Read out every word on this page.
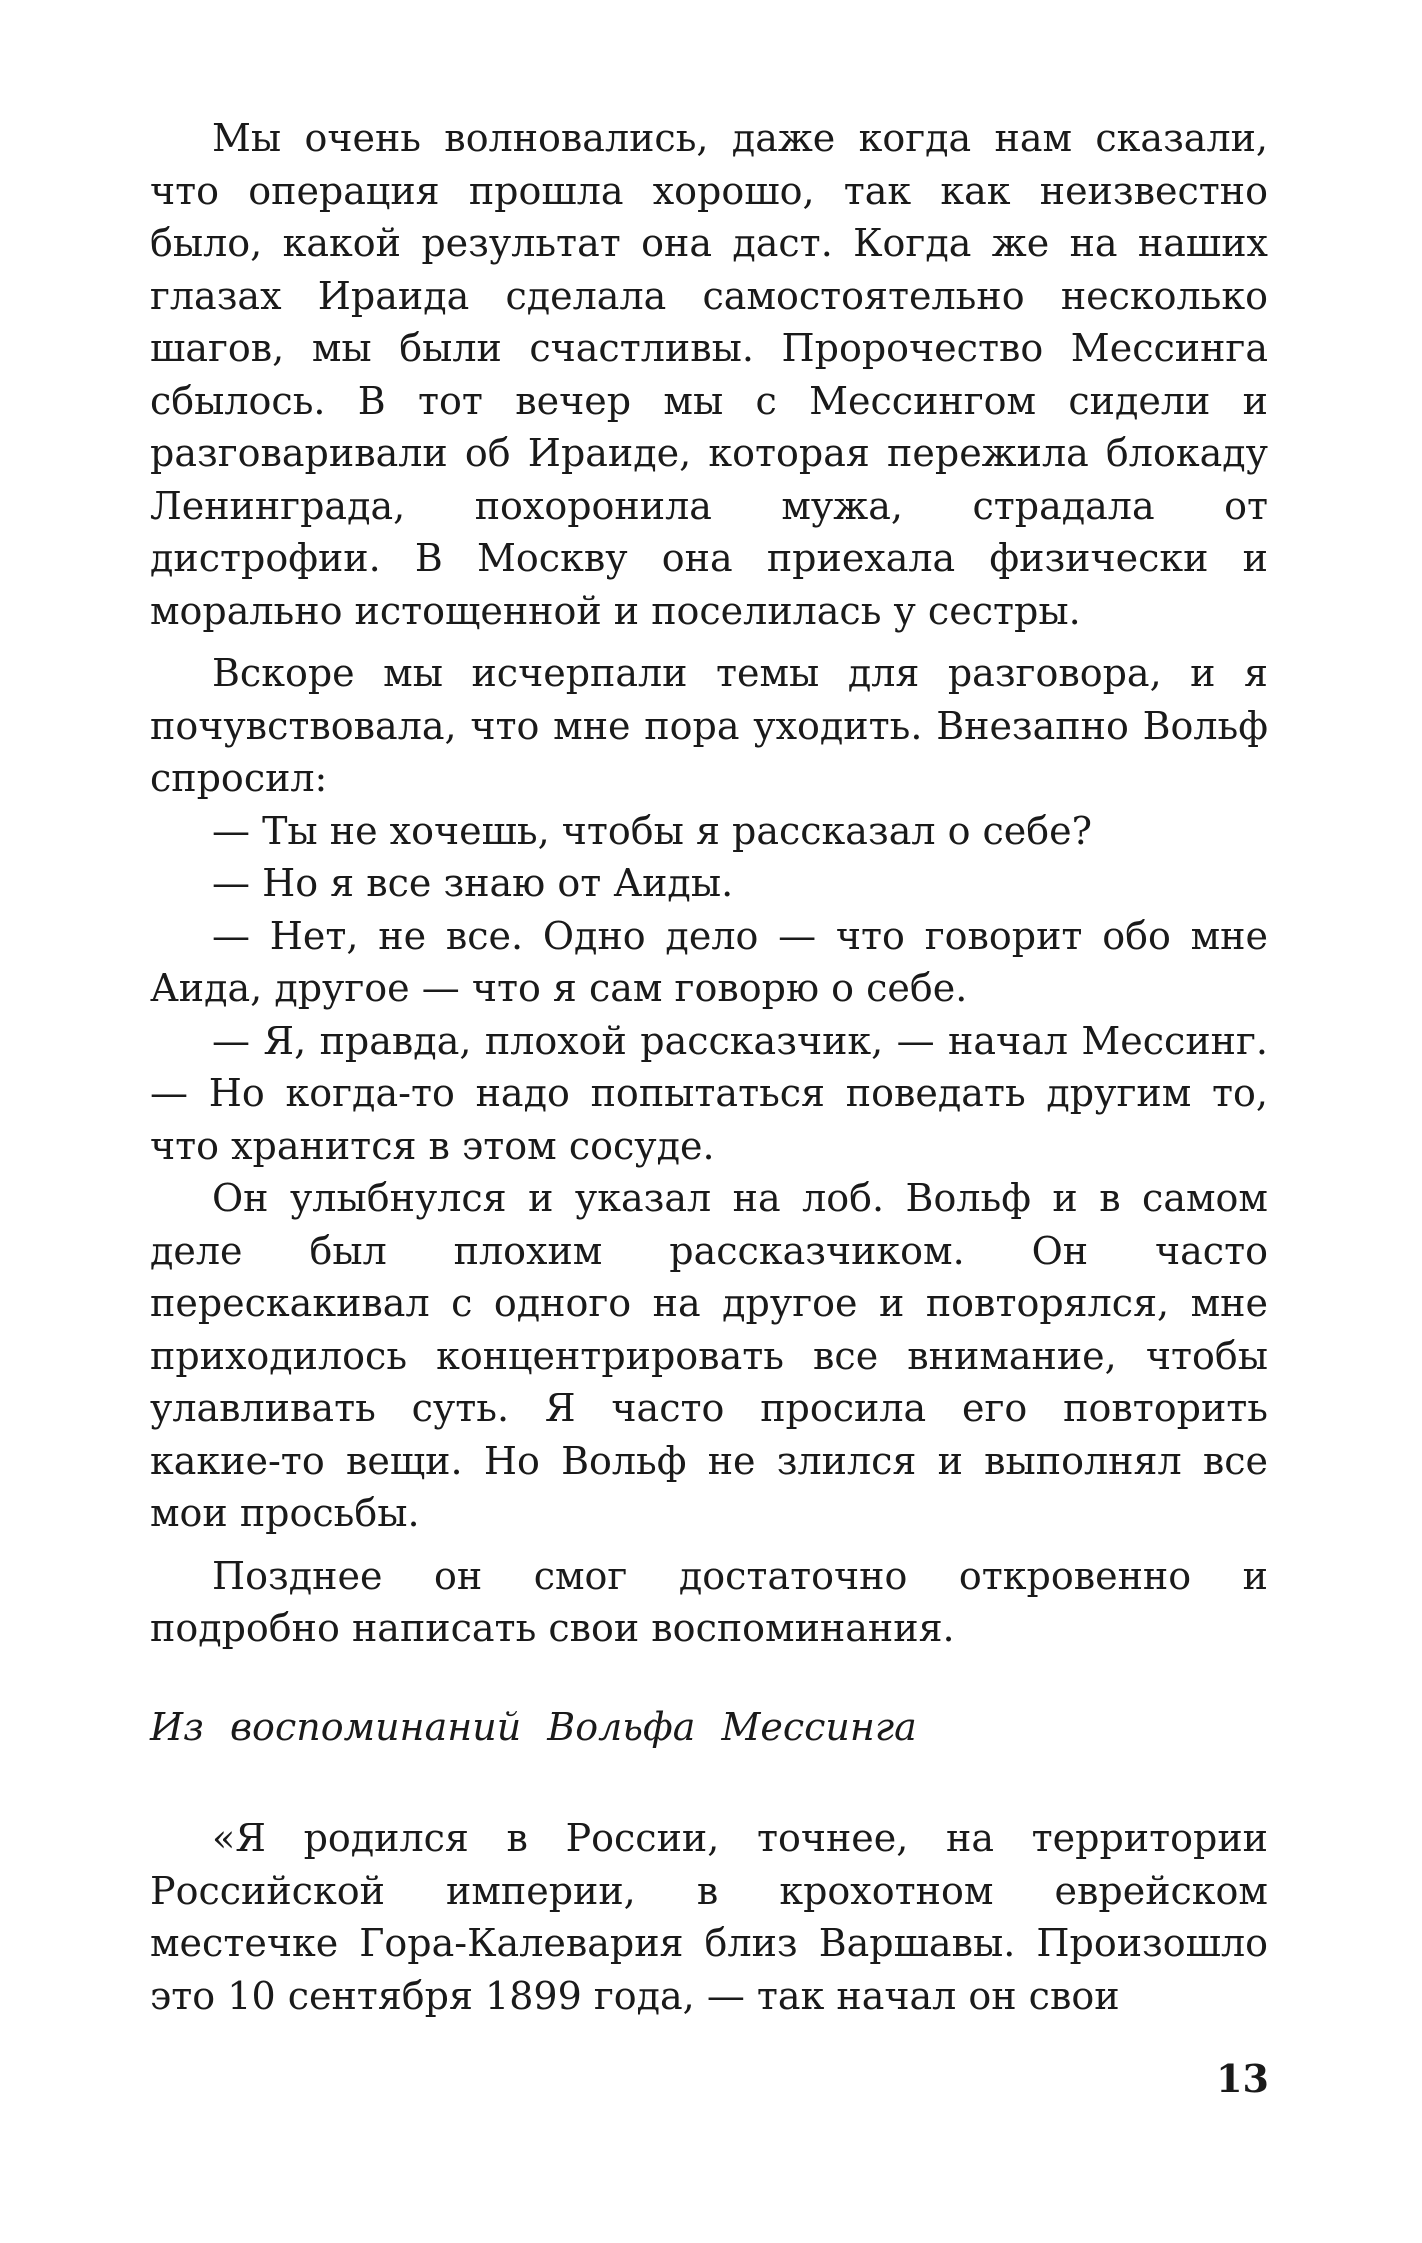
Мы очень волновались, даже когда нам сказали, что операция прошла хорошо, так как неизвестно было, какой результат она даст. Когда же на наших глазах Ираида сделала самостоятельно несколько шагов, мы были счастливы. Пророчество Мессинга сбылось. В тот вечер мы с Мессингом сидели и разговаривали об Ираиде, которая пережила блокаду Ленинграда, похоронила мужа, страдала от дистрофии. В Москву она приехала физически и морально истощенной и поселилась у сестры.

Вскоре мы исчерпали темы для разговора, и я почувствовала, что мне пора уходить. Внезапно Вольф спросил:

— Ты не хочешь, чтобы я рассказал о себе?

— Но я все знаю от Аиды.

— Нет, не все. Одно дело — что говорит обо мне Аида, другое — что я сам говорю о себе.

— Я, правда, плохой рассказчик, — начал Мессинг. — Но когда-то надо попытаться поведать другим то, что хранится в этом сосуде.

Он улыбнулся и указал на лоб. Вольф и в самом деле был плохим рассказчиком. Он часто перескакивал с одного на другое и повторялся, мне приходилось концентрировать все внимание, чтобы улавливать суть. Я часто просила его повторить какие-то вещи. Но Вольф не злился и выполнял все мои просьбы.

Позднее он смог достаточно откровенно и подробно написать свои воспоминания.

Из воспоминаний Вольфа Мессинга

«Я родился в России, точнее, на территории Российской империи, в крохотном еврейском местечке Гора-Калевария близ Варшавы. Произошло это 10 сентября 1899 года, — так начал он свои

13
